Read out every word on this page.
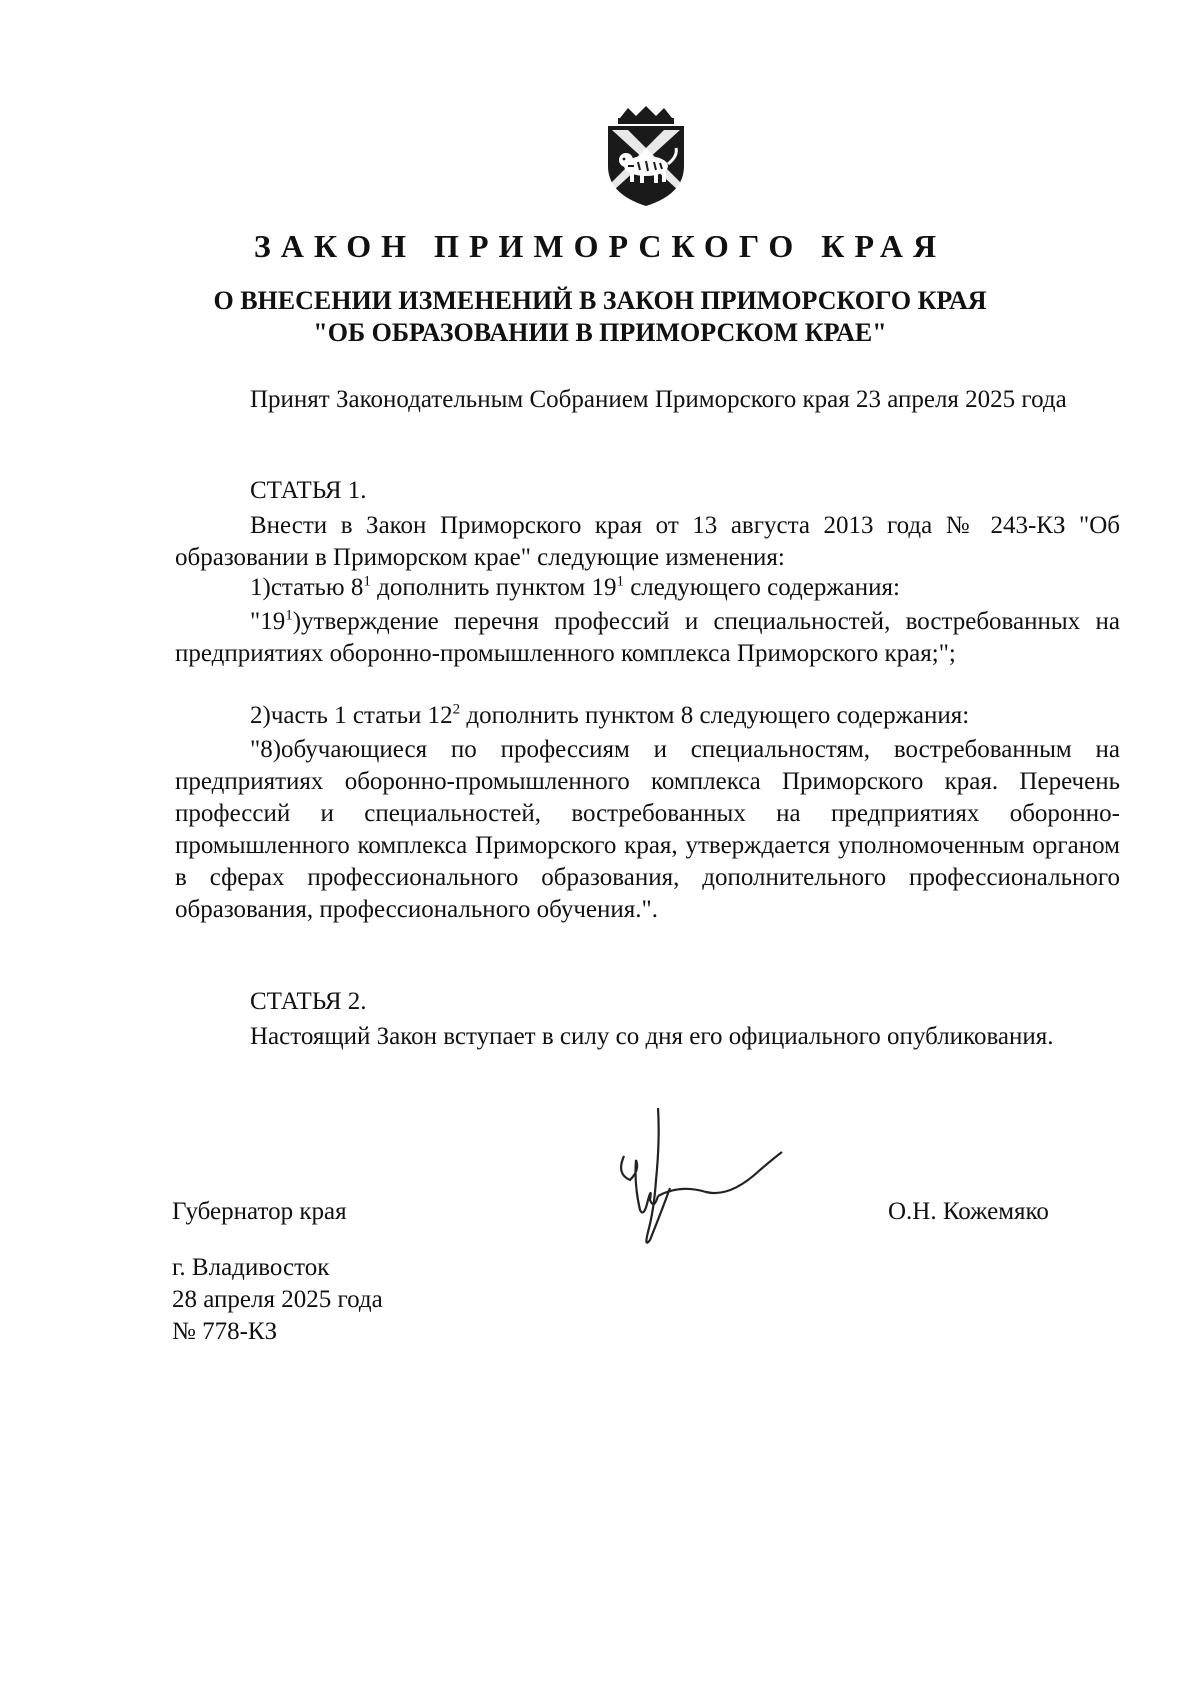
ЗАКОН ПРИМОРСКОГО КРАЯ
О ВНЕСЕНИИ ИЗМЕНЕНИЙ В ЗАКОН ПРИМОРСКОГО КРАЯ
"ОБ ОБРАЗОВАНИИ В ПРИМОРСКОМ КРАЕ"
Принят Законодательным Собранием Приморского края 23 апреля 2025 года
СТАТЬЯ 1.
Внести в Закон Приморского края от 13 августа 2013 года № 243-КЗ "Об образовании в Приморском крае" следующие изменения:
1)статью $8^1$ дополнить пунктом $19^1$ следующего содержания:
"$19^1)утверждение$ перечня профессий и специальностей, востребованных на предприятиях оборонно-промышленного комплекса Приморского края;";
2)часть 1 статьи $12^2$ дополнить пунктом 8 следующего содержания:
"8)обучающиеся по профессиям и специальностям, востребованным на предприятиях оборонно-промышленного комплекса Приморского края. Перечень профессий и специальностей, востребованных на предприятиях оборонно-промышленного комплекса Приморского края, утверждается уполномоченным органом в сферах профессионального образования, дополнительного профессионального образования, профессионального обучения.".
СТАТЬЯ 2.
Настоящий Закон вступает в силу со дня его официального опубликования.
Губернатор края	О.Н. Кожемяко
г. Владивосток
28 апреля 2025 года
№ 778-КЗ
